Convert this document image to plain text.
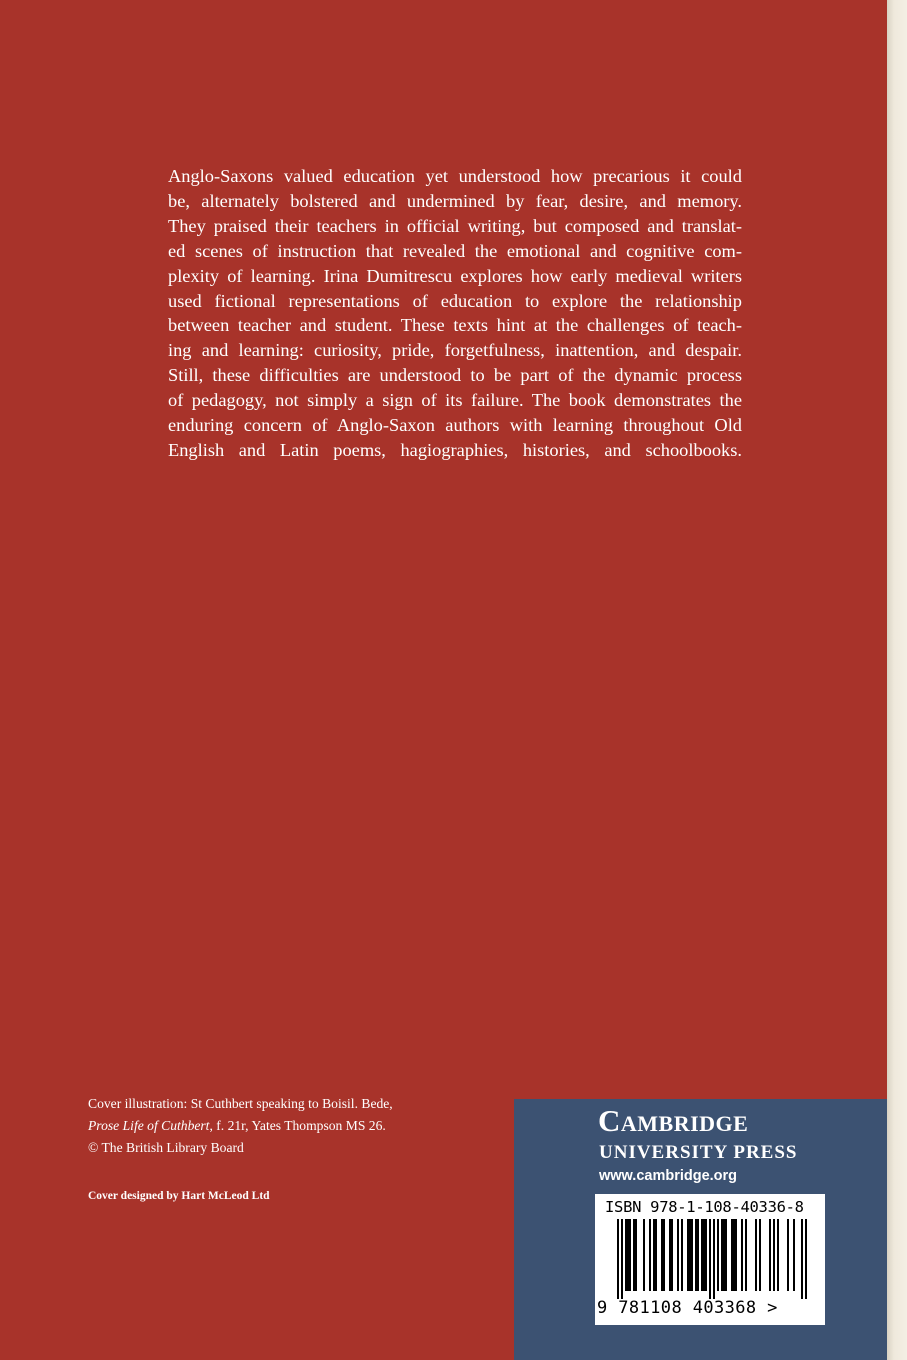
Anglo-Saxons valued education yet understood how precarious it could
be, alternately bolstered and undermined by fear, desire, and memory.
They praised their teachers in official writing, but composed and translat-
ed scenes of instruction that revealed the emotional and cognitive com-
plexity of learning. Irina Dumitrescu explores how early medieval writers
used fictional representations of education to explore the relationship
between teacher and student. These texts hint at the challenges of teach-
ing and learning: curiosity, pride, forgetfulness, inattention, and despair.
Still, these difficulties are understood to be part of the dynamic process
of pedagogy, not simply a sign of its failure. The book demonstrates the
enduring concern of Anglo-Saxon authors with learning throughout Old
English and Latin poems, hagiographies, histories, and schoolbooks.
Cover illustration: St Cuthbert speaking to Boisil. Bede,
Prose Life of Cuthbert, f. 21r, Yates Thompson MS 26.
© The British Library Board
Cover designed by Hart McLeod Ltd
Cambridge
UNIVERSITY PRESS
www.cambridge.org
ISBN 978-1-108-40336-8
9 781108 403368 >
